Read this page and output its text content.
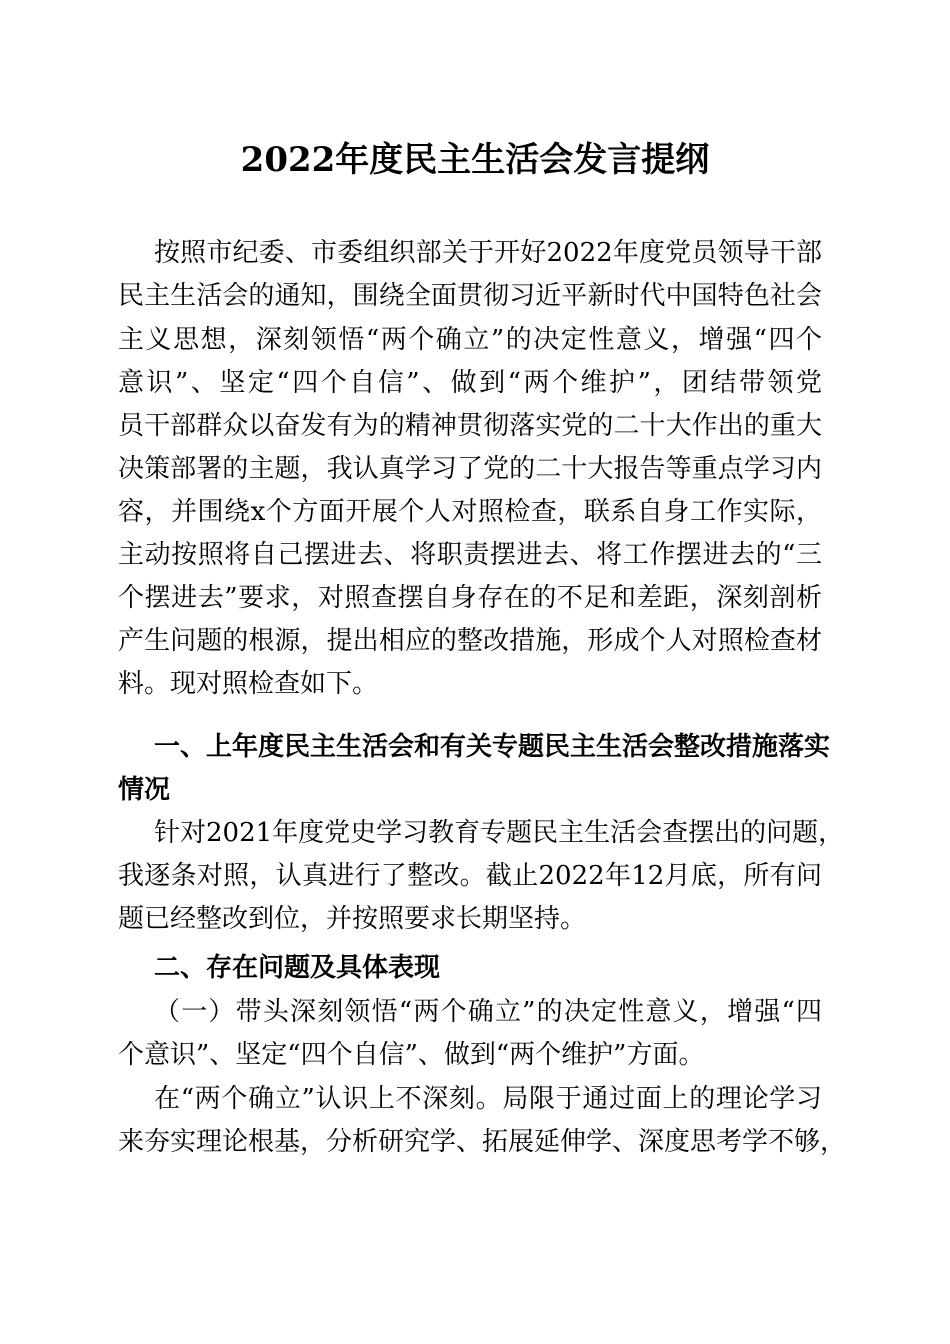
2022年度民主生活会发言提纲
按照市纪委、市委组织部关于开好2022年度党员领导干部
民主生活会的通知，围绕全面贯彻习近平新时代中国特色社会
主义思想，深刻领悟“两个确立”的决定性意义，增强“四个
意识”、坚定“四个自信”、做到“两个维护”，团结带领党
员干部群众以奋发有为的精神贯彻落实党的二十大作出的重大
决策部署的主题，我认真学习了党的二十大报告等重点学习内
容，并围绕x个方面开展个人对照检查，联系自身工作实际，
主动按照将自己摆进去、将职责摆进去、将工作摆进去的“三
个摆进去”要求，对照查摆自身存在的不足和差距，深刻剖析
产生问题的根源，提出相应的整改措施，形成个人对照检查材
料。现对照检查如下。
一、上年度民主生活会和有关专题民主生活会整改措施落实
情况
针对2021年度党史学习教育专题民主生活会查摆出的问题，
我逐条对照，认真进行了整改。截止2022年12月底，所有问
题已经整改到位，并按照要求长期坚持。
二、存在问题及具体表现
（一）带头深刻领悟“两个确立”的决定性意义，增强“四
个意识”、坚定“四个自信”、做到“两个维护”方面。
在“两个确立”认识上不深刻。局限于通过面上的理论学习
来夯实理论根基，分析研究学、拓展延伸学、深度思考学不够，
